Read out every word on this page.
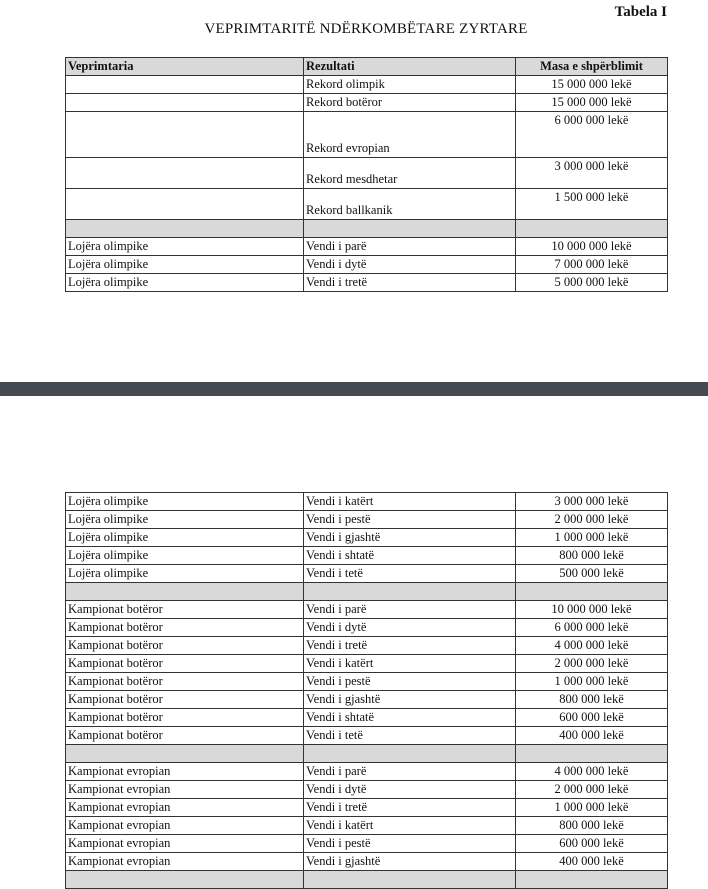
Tabela I
VEPRIMTARITË NDËRKOMBËTARE ZYRTARE
Veprimtaria	Rezultati	Masa e shpërblimit
	Rekord olimpik	15 000 000 lekë
	Rekord botëror	15 000 000 lekë
	Rekord evropian	6 000 000 lekë
	Rekord mesdhetar	3 000 000 lekë
	Rekord ballkanik	1 500 000 lekë

Lojëra olimpike	Vendi i parë	10 000 000 lekë
Lojëra olimpike	Vendi i dytë	7 000 000 lekë
Lojëra olimpike	Vendi i tretë	5 000 000 lekë
Lojëra olimpike	Vendi i katërt	3 000 000 lekë
Lojëra olimpike	Vendi i pestë	2 000 000 lekë
Lojëra olimpike	Vendi i gjashtë	1 000 000 lekë
Lojëra olimpike	Vendi i shtatë	800 000 lekë
Lojëra olimpike	Vendi i tetë	500 000 lekë

Kampionat botëror	Vendi i parë	10 000 000 lekë
Kampionat botëror	Vendi i dytë	6 000 000 lekë
Kampionat botëror	Vendi i tretë	4 000 000 lekë
Kampionat botëror	Vendi i katërt	2 000 000 lekë
Kampionat botëror	Vendi i pestë	1 000 000 lekë
Kampionat botëror	Vendi i gjashtë	800 000 lekë
Kampionat botëror	Vendi i shtatë	600 000 lekë
Kampionat botëror	Vendi i tetë	400 000 lekë

Kampionat evropian	Vendi i parë	4 000 000 lekë
Kampionat evropian	Vendi i dytë	2 000 000 lekë
Kampionat evropian	Vendi i tretë	1 000 000 lekë
Kampionat evropian	Vendi i katërt	800 000 lekë
Kampionat evropian	Vendi i pestë	600 000 lekë
Kampionat evropian	Vendi i gjashtë	400 000 lekë
